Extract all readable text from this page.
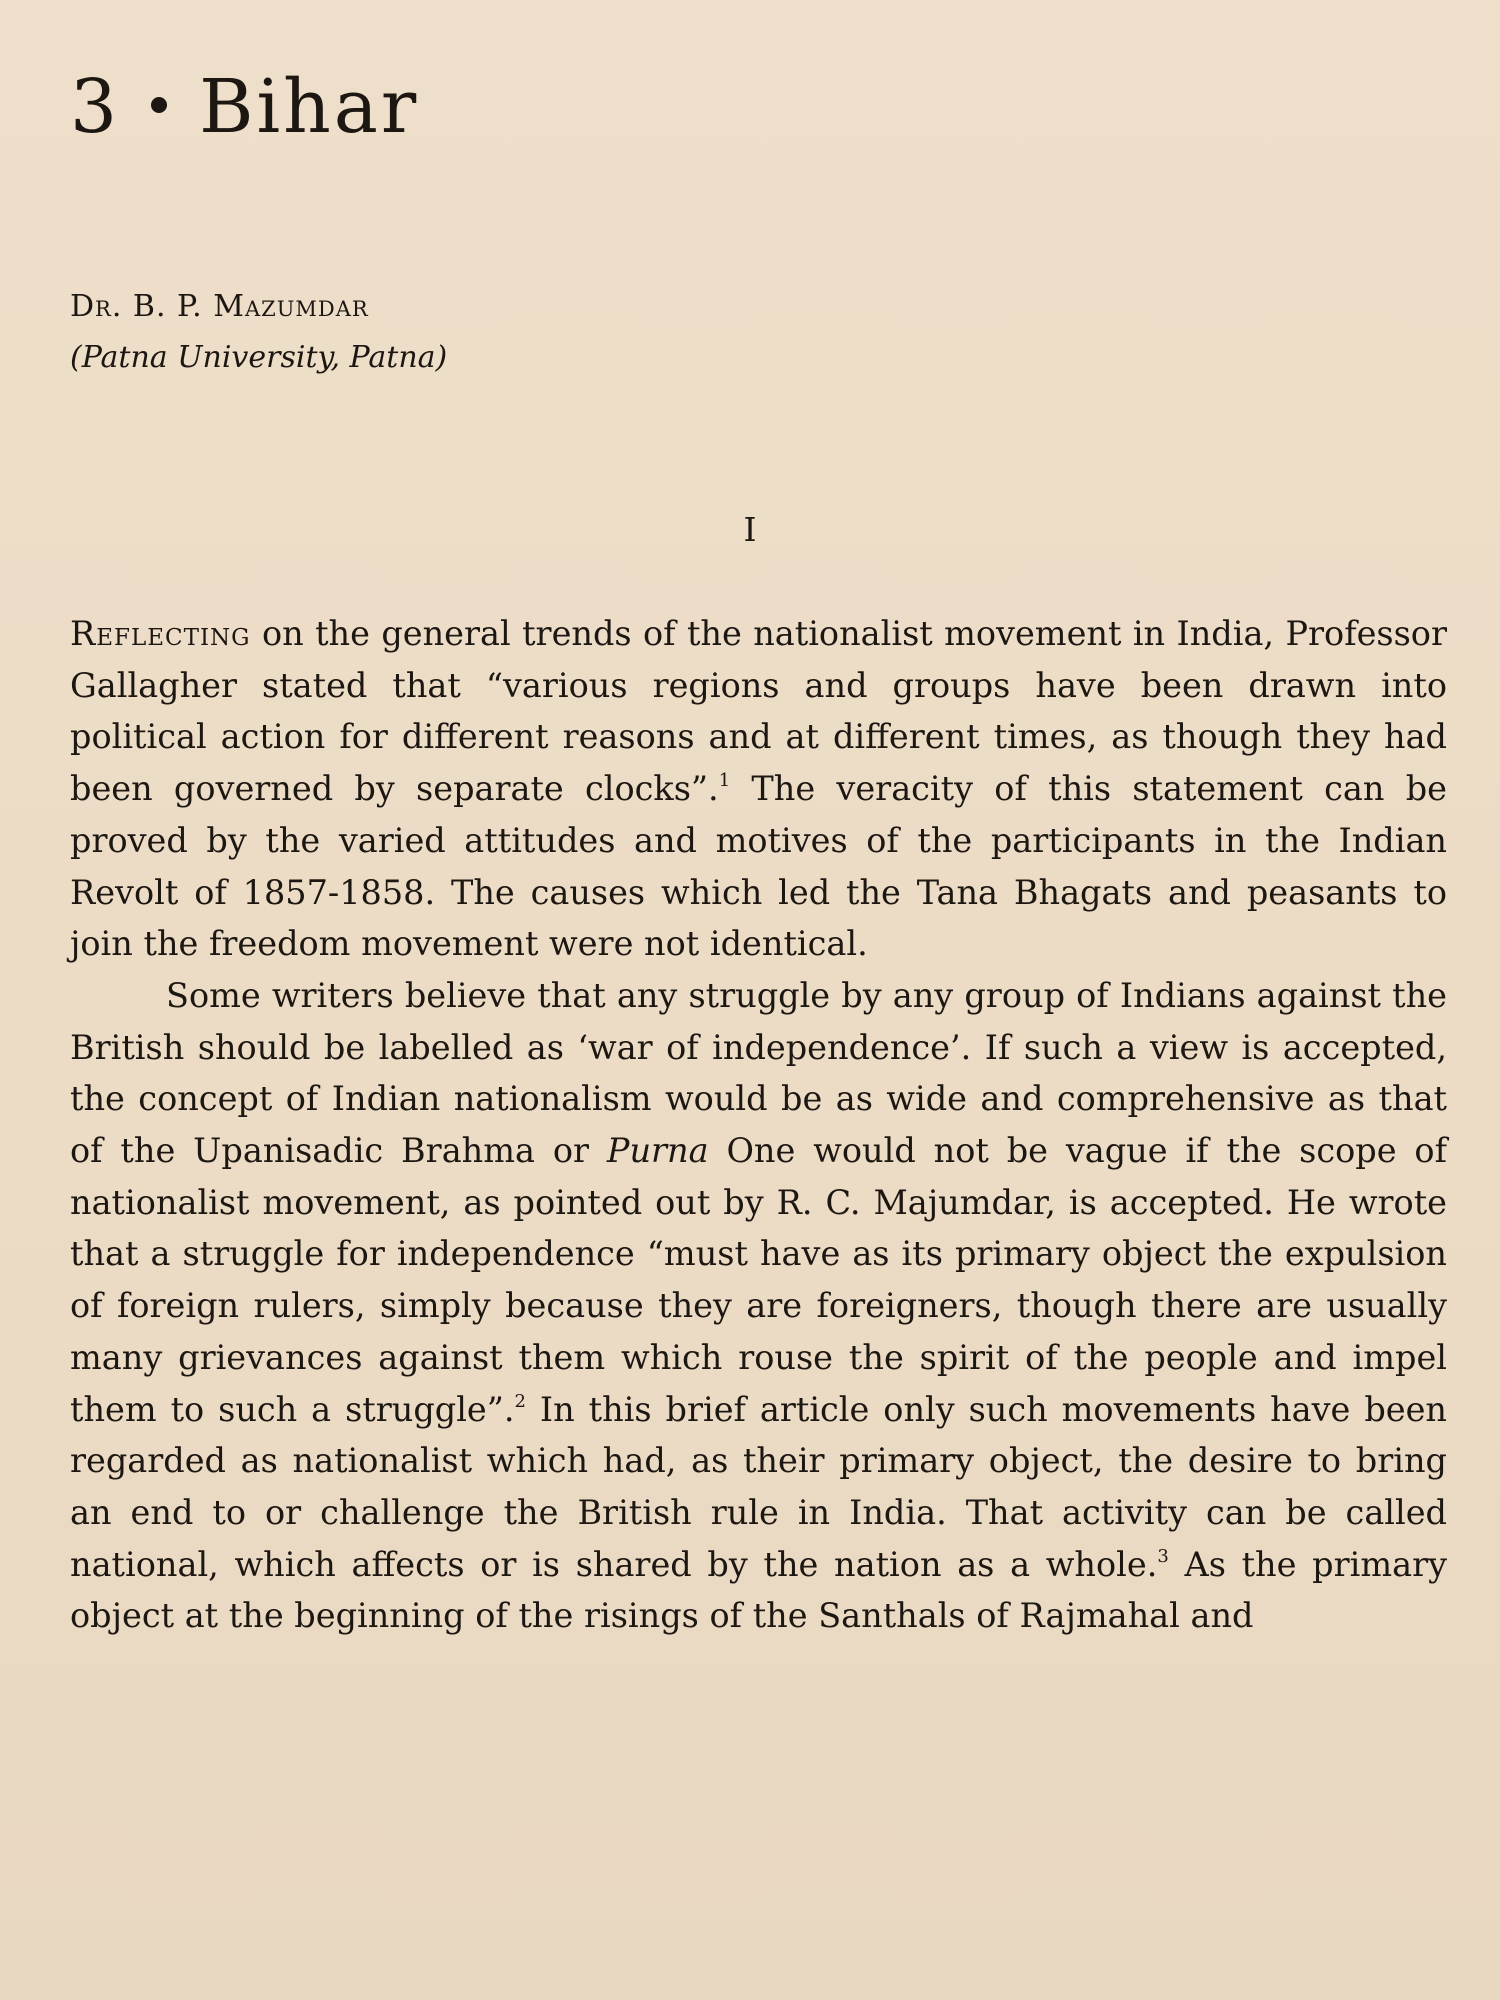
3 Bihar
Dr. B. P. Mazumdar
(Patna University, Patna)
I

Reflecting on the general trends of the nationalist movement in India, Professor Gallagher stated that “various regions and groups have been drawn into political action for different reasons and at different times, as though they had been governed by separate clocks”.$^1$ The veracity of this statement can be proved by the varied attitudes and motives of the participants in the Indian Revolt of 1857-1858. The causes which led the Tana Bhagats and peasants to join the freedom movement were not identical.

Some writers believe that any struggle by any group of Indians against the British should be labelled as ‘war of independence’. If such a view is accepted, the concept of Indian nationalism would be as wide and comprehensive as that of the Upanisadic Brahma or Purna One would not be vague if the scope of nationalist movement, as pointed out by R. C. Majumdar, is accepted. He wrote that a struggle for independence “must have as its primary object the expulsion of foreign rulers, simply because they are foreigners, though there are usually many grievances against them which rouse the spirit of the people and impel them to such a struggle”.$^2$ In this brief article only such movements have been regarded as nationalist which had, as their primary object, the desire to bring an end to or challenge the British rule in India. That activity can be called national, which affects or is shared by the nation as a whole.$^3$ As the primary object at the beginning of the risings of the Santhals of Rajmahal and
